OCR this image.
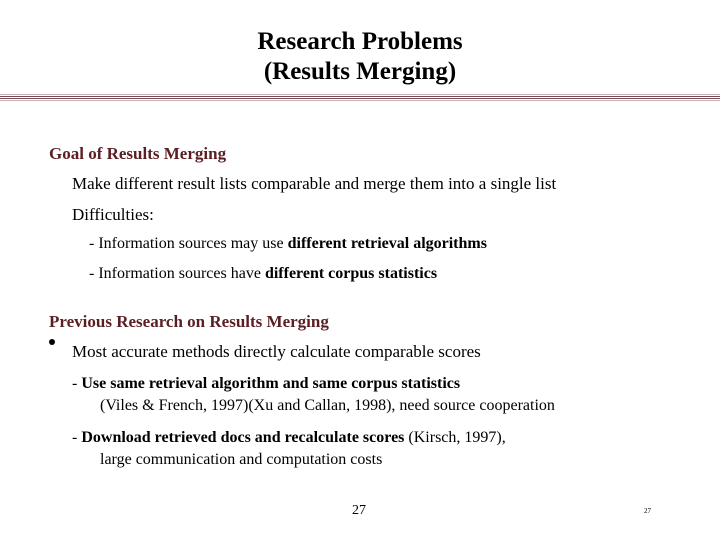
Research Problems
(Results Merging)
Goal of Results Merging
Make different result lists comparable and merge them into a single list
Difficulties:
- Information sources may use different retrieval algorithms
- Information sources have different corpus statistics
Previous Research on Results Merging
Most accurate methods directly calculate comparable scores
- Use same retrieval algorithm and same corpus statistics
(Viles & French, 1997)(Xu and Callan, 1998), need source cooperation
- Download retrieved docs and recalculate scores (Kirsch, 1997),
large communication and computation costs
27	27
